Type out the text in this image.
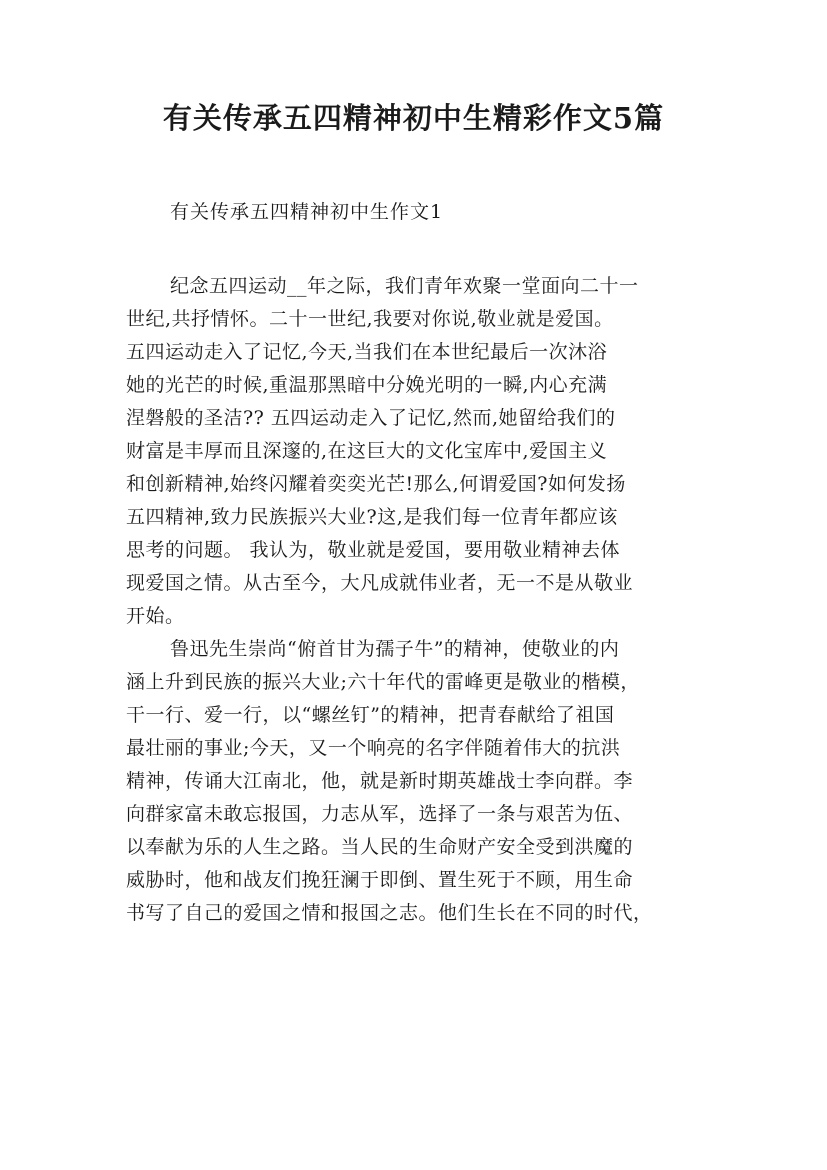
有关传承五四精神初中生精彩作文5篇

有关传承五四精神初中生作文1

纪念五四运动__年之际，我们青年欢聚一堂面向二十一
世纪,共抒情怀。二十一世纪,我要对你说,敬业就是爱国。
五四运动走入了记忆,今天,当我们在本世纪最后一次沐浴
她的光芒的时候,重温那黑暗中分娩光明的一瞬,内心充满
涅磐般的圣洁?? 五四运动走入了记忆,然而,她留给我们的
财富是丰厚而且深邃的,在这巨大的文化宝库中,爱国主义
和创新精神,始终闪耀着奕奕光芒!那么,何谓爱国?如何发扬
五四精神,致力民族振兴大业?这,是我们每一位青年都应该
思考的问题。 我认为，敬业就是爱国，要用敬业精神去体
现爱国之情。从古至今，大凡成就伟业者，无一不是从敬业
开始。
鲁迅先生崇尚“俯首甘为孺子牛”的精神，使敬业的内
涵上升到民族的振兴大业;六十年代的雷峰更是敬业的楷模，
干一行、爱一行，以“螺丝钉”的精神，把青春献给了祖国
最壮丽的事业;今天，又一个响亮的名字伴随着伟大的抗洪
精神，传诵大江南北，他，就是新时期英雄战士李向群。李
向群家富未敢忘报国，力志从军，选择了一条与艰苦为伍、
以奉献为乐的人生之路。当人民的生命财产安全受到洪魔的
威胁时，他和战友们挽狂澜于即倒、置生死于不顾，用生命
书写了自己的爱国之情和报国之志。他们生长在不同的时代，
